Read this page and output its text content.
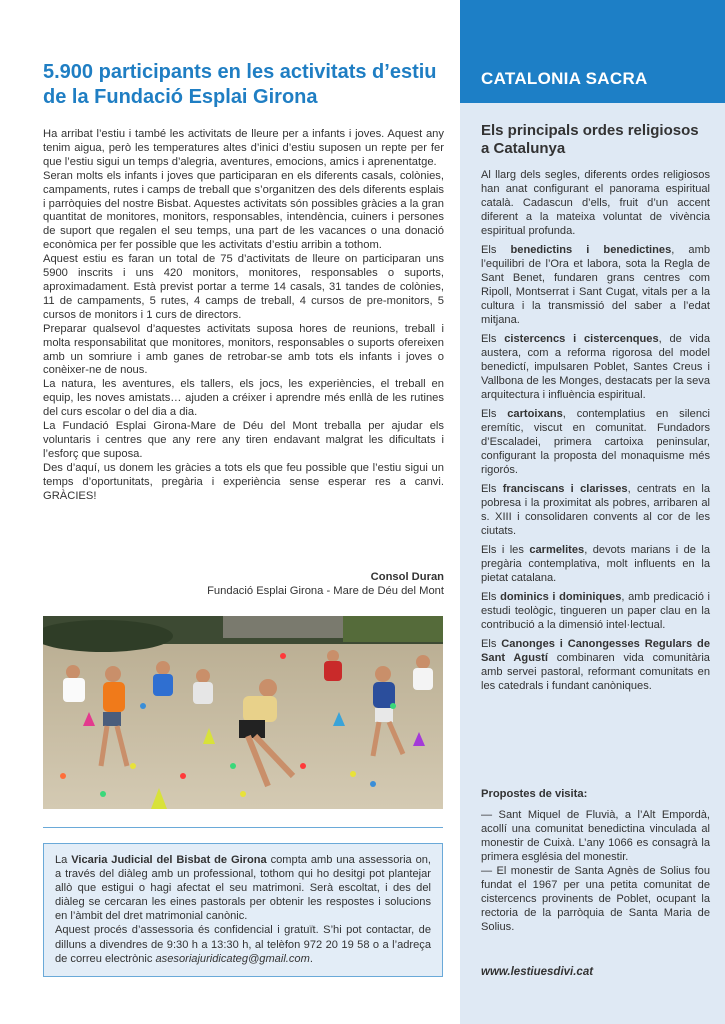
5.900 participants en les activitats d’estiu de la Fundació Esplai Girona

Ha arribat l’estiu i també les activitats de lleure per a infants i joves. Aquest any tenim aigua, però les temperatures altes d’inici d’estiu suposen un repte per fer que l’estiu sigui un temps d’alegria, aventures, emocions, amics i aprenentatge.

Seran molts els infants i joves que participaran en els diferents casals, colònies, campaments, rutes i camps de treball que s’organitzen des dels diferents esplais i parròquies del nostre Bisbat. Aquestes activitats són possibles gràcies a la gran quantitat de monitores, monitors, responsables, intendència, cuiners i persones de suport que regalen el seu temps, una part de les vacances o una donació econòmica per fer possible que les activitats d’estiu arribin a tothom.

Aquest estiu es faran un total de 75 d’activitats de lleure on participaran uns 5900 inscrits i uns 420 monitors, monitores, responsables o suports, aproximadament. Està previst portar a terme 14 casals, 31 tandes de colònies, 11 de campaments, 5 rutes, 4 camps de treball, 4 cursos de pre-monitors, 5 cursos de monitors i 1 curs de directors.

Preparar qualsevol d’aquestes activitats suposa hores de reunions, treball i molta responsabilitat que monitores, monitors, responsables o suports ofereixen amb un somriure i amb ganes de retrobar-se amb tots els infants i joves o conèixer-ne de nous.

La natura, les aventures, els tallers, els jocs, les experiències, el treball en equip, les noves amistats… ajuden a créixer i aprendre més enllà de les rutines del curs escolar o del dia a dia.

La Fundació Esplai Girona-Mare de Déu del Mont treballa per ajudar els voluntaris i centres que any rere any tiren endavant malgrat les dificultats i l’esforç que suposa.

Des d’aquí, us donem les gràcies a tots els que feu possible que l’estiu sigui un temps d’oportunitats, pregària i experiència sense esperar res a canvi. GRÀCIES!

Consol Duran
Fundació Esplai Girona - Mare de Déu del Mont

La Vicaria Judicial del Bisbat de Girona compta amb una assessoria on, a través del diàleg amb un professional, tothom qui ho desitgi pot plantejar allò que estigui o hagi afectat el seu matrimoni. Serà escoltat, i des del diàleg se cercaran les eines pastorals per obtenir les respostes i solucions en l’àmbit del dret matrimonial canònic.

Aquest procés d’assessoria és confidencial i gratuït. S’hi pot contactar, de dilluns a divendres de 9:30 h a 13:30 h, al telèfon 972 20 19 58 o a l’adreça de correu electrònic asesoriajuridicateg@gmail.com.

CATALONIA SACRA
Els principals ordes religiosos a Catalunya

Al llarg dels segles, diferents ordes religiosos han anat configurant el panorama espiritual català. Cadascun d’ells, fruit d’un accent diferent a la mateixa voluntat de vivència espiritual profunda.

Els benedictins i benedictines, amb l’equilibri de l’Ora et labora, sota la Regla de Sant Benet, fundaren grans centres com Ripoll, Montserrat i Sant Cugat, vitals per a la cultura i la transmissió del saber a l’edat mitjana.

Els cistercencs i cistercenques, de vida austera, com a reforma rigorosa del model benedictí, impulsaren Poblet, Santes Creus i Vallbona de les Monges, destacats per la seva arquitectura i influència espiritual.

Els cartoixans, contemplatius en silenci eremític, viscut en comunitat. Fundadors d’Escaladei, primera cartoixa peninsular, configurant la proposta del monaquisme més rigorós.

Els franciscans i clarisses, centrats en la pobresa i la proximitat als pobres, arribaren al s. XIII i consolidaren convents al cor de les ciutats.

Els i les carmelites, devots marians i de la pregària contemplativa, molt influents en la pietat catalana.

Els dominics i dominiques, amb predicació i estudi teològic, tingueren un paper clau en la contribució a la dimensió intel·lectual.

Els Canonges i Canongesses Regulars de Sant Agustí combinaren vida comunitària amb servei pastoral, reformant comunitats en les catedrals i fundant canòniques.

Propostes de visita:

— Sant Miquel de Fluvià, a l’Alt Empordà, acollí una comunitat benedictina vinculada al monestir de Cuixà. L’any 1066 es consagrà la primera església del monestir.

— El monestir de Santa Agnès de Solius fou fundat el 1967 per una petita comunitat de cistercencs provinents de Poblet, ocupant la rectoria de la parròquia de Santa Maria de Solius.

www.lestiuesdivi.cat
